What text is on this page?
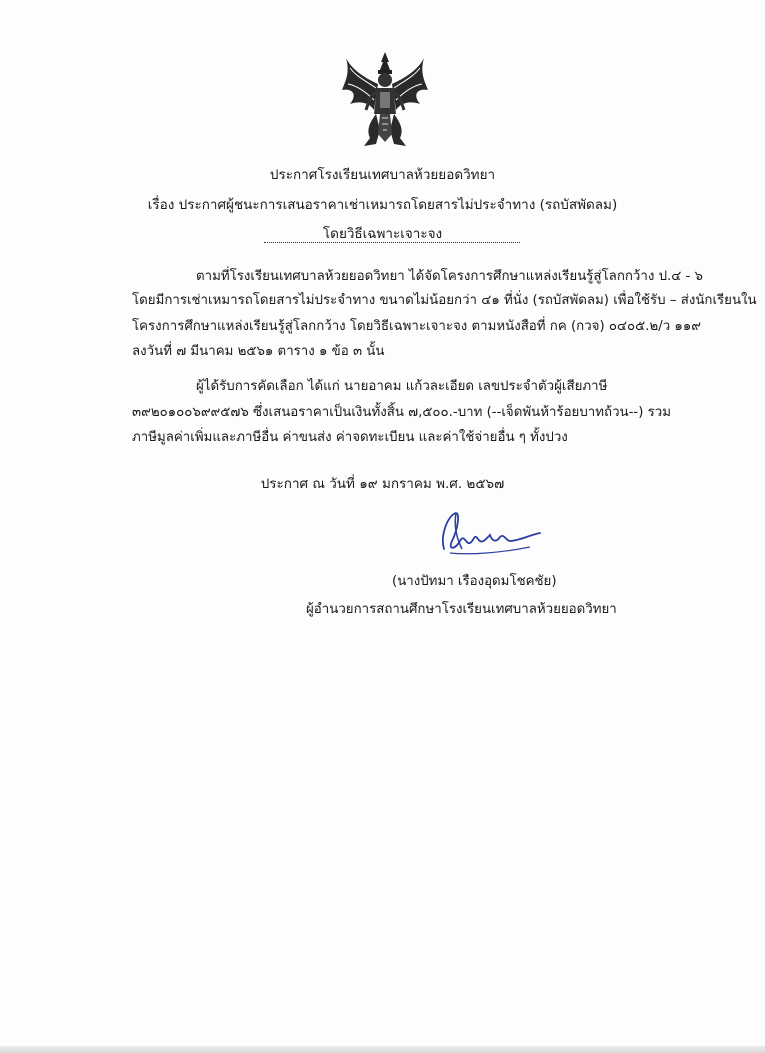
ประกาศโรงเรียนเทศบาลห้วยยอดวิทยา
เรื่อง ประกาศผู้ชนะการเสนอราคาเช่าเหมารถโดยสารไม่ประจำทาง (รถบัสพัดลม)
โดยวิธีเฉพาะเจาะจง
ตามที่โรงเรียนเทศบาลห้วยยอดวิทยา ได้จัดโครงการศึกษาแหล่งเรียนรู้สู่โลกกว้าง ป.๔ - ๖
โดยมีการเช่าเหมารถโดยสารไม่ประจำทาง ขนาดไม่น้อยกว่า ๔๑ ที่นั่ง (รถบัสพัดลม) เพื่อใช้รับ – ส่งนักเรียนใน
โครงการศึกษาแหล่งเรียนรู้สู่โลกกว้าง โดยวิธีเฉพาะเจาะจง ตามหนังสือที่ กค (กวจ) ๐๔๐๕.๒/ว ๑๑๙
ลงวันที่ ๗ มีนาคม ๒๕๖๑ ตาราง ๑ ข้อ ๓ นั้น
ผู้ได้รับการคัดเลือก ได้แก่ นายอาคม แก้วละเอียด เลขประจำตัวผู้เสียภาษี
๓๙๒๐๑๐๐๖๙๙๕๗๖ ซึ่งเสนอราคาเป็นเงินทั้งสิ้น ๗,๕๐๐.-บาท (--เจ็ดพันห้าร้อยบาทถ้วน--) รวม
ภาษีมูลค่าเพิ่มและภาษีอื่น ค่าขนส่ง ค่าจดทะเบียน และค่าใช้จ่ายอื่น ๆ ทั้งปวง
ประกาศ ณ วันที่ ๑๙ มกราคม พ.ศ. ๒๕๖๗
(นางปัทมา เรืองอุดมโชคชัย)
ผู้อำนวยการสถานศึกษาโรงเรียนเทศบาลห้วยยอดวิทยา
